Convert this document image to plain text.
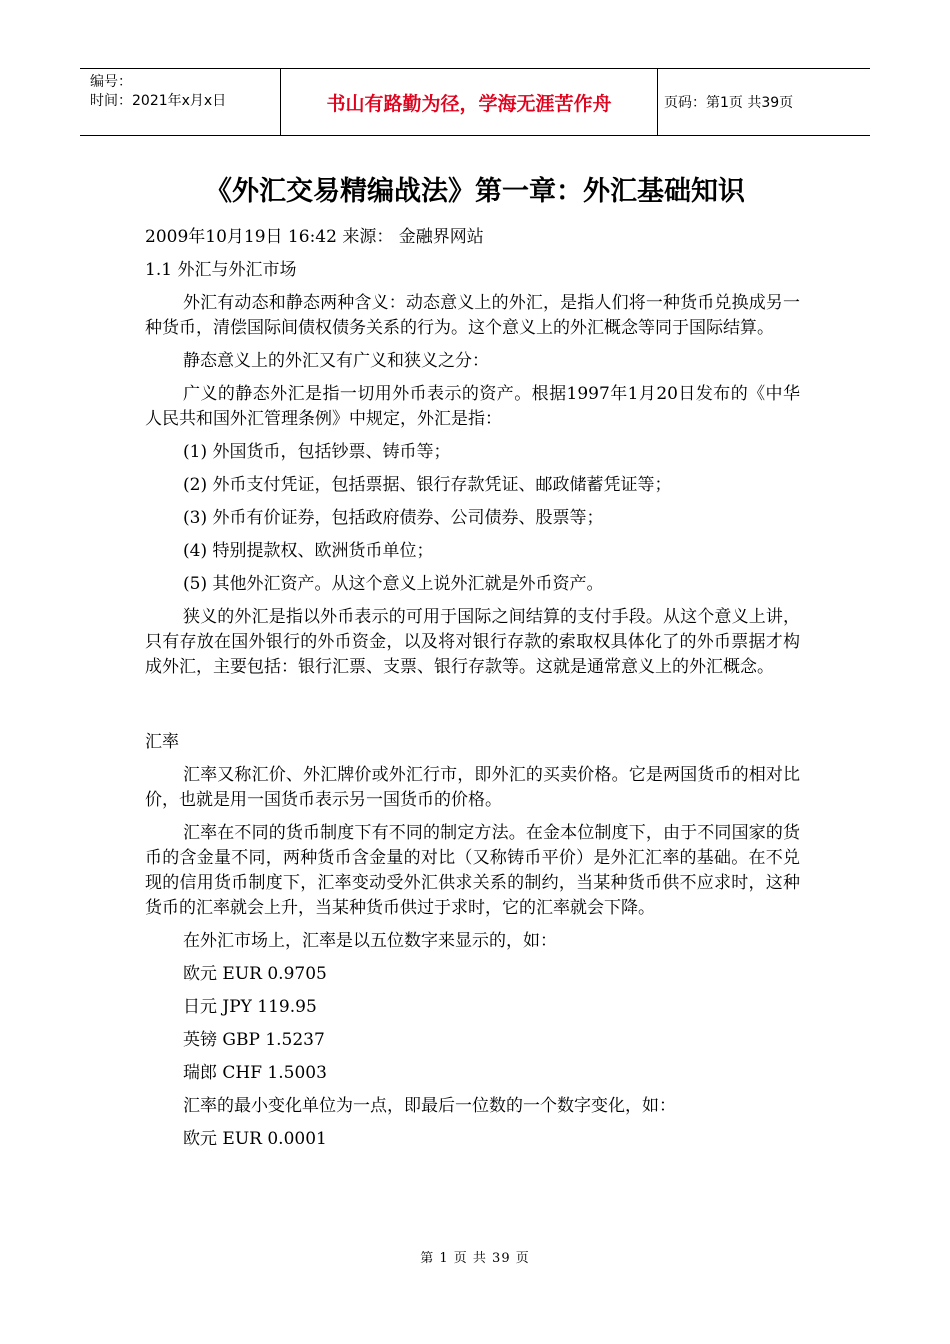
编号：
时间：2021年x月x日	书山有路勤为径，学海无涯苦作舟	页码：第1页 共39页
《外汇交易精编战法》第一章：外汇基础知识

2009年10月19日 16:42 来源： 金融界网站

1.1 外汇与外汇市场

外汇有动态和静态两种含义：动态意义上的外汇，是指人们将一种货币兑换成另一种货币，清偿国际间债权债务关系的行为。这个意义上的外汇概念等同于国际结算。

静态意义上的外汇又有广义和狭义之分：

广义的静态外汇是指一切用外币表示的资产。根据1997年1月20日发布的《中华人民共和国外汇管理条例》中规定，外汇是指：

(1) 外国货币，包括钞票、铸币等；

(2) 外币支付凭证，包括票据、银行存款凭证、邮政储蓄凭证等；

(3) 外币有价证券，包括政府债券、公司债券、股票等；

(4) 特别提款权、欧洲货币单位；

(5) 其他外汇资产。从这个意义上说外汇就是外币资产。

狭义的外汇是指以外币表示的可用于国际之间结算的支付手段。从这个意义上讲，只有存放在国外银行的外币资金，以及将对银行存款的索取权具体化了的外币票据才构成外汇，主要包括：银行汇票、支票、银行存款等。这就是通常意义上的外汇概念。

汇率

汇率又称汇价、外汇牌价或外汇行市，即外汇的买卖价格。它是两国货币的相对比价，也就是用一国货币表示另一国货币的价格。

汇率在不同的货币制度下有不同的制定方法。在金本位制度下，由于不同国家的货币的含金量不同，两种货币含金量的对比（又称铸币平价）是外汇汇率的基础。在不兑现的信用货币制度下，汇率变动受外汇供求关系的制约，当某种货币供不应求时，这种货币的汇率就会上升，当某种货币供过于求时，它的汇率就会下降。

在外汇市场上，汇率是以五位数字来显示的，如：

欧元 EUR 0.9705

日元 JPY 119.95

英镑 GBP 1.5237

瑞郎 CHF 1.5003

汇率的最小变化单位为一点，即最后一位数的一个数字变化，如：

欧元 EUR 0.0001

第 1 页 共 39 页
